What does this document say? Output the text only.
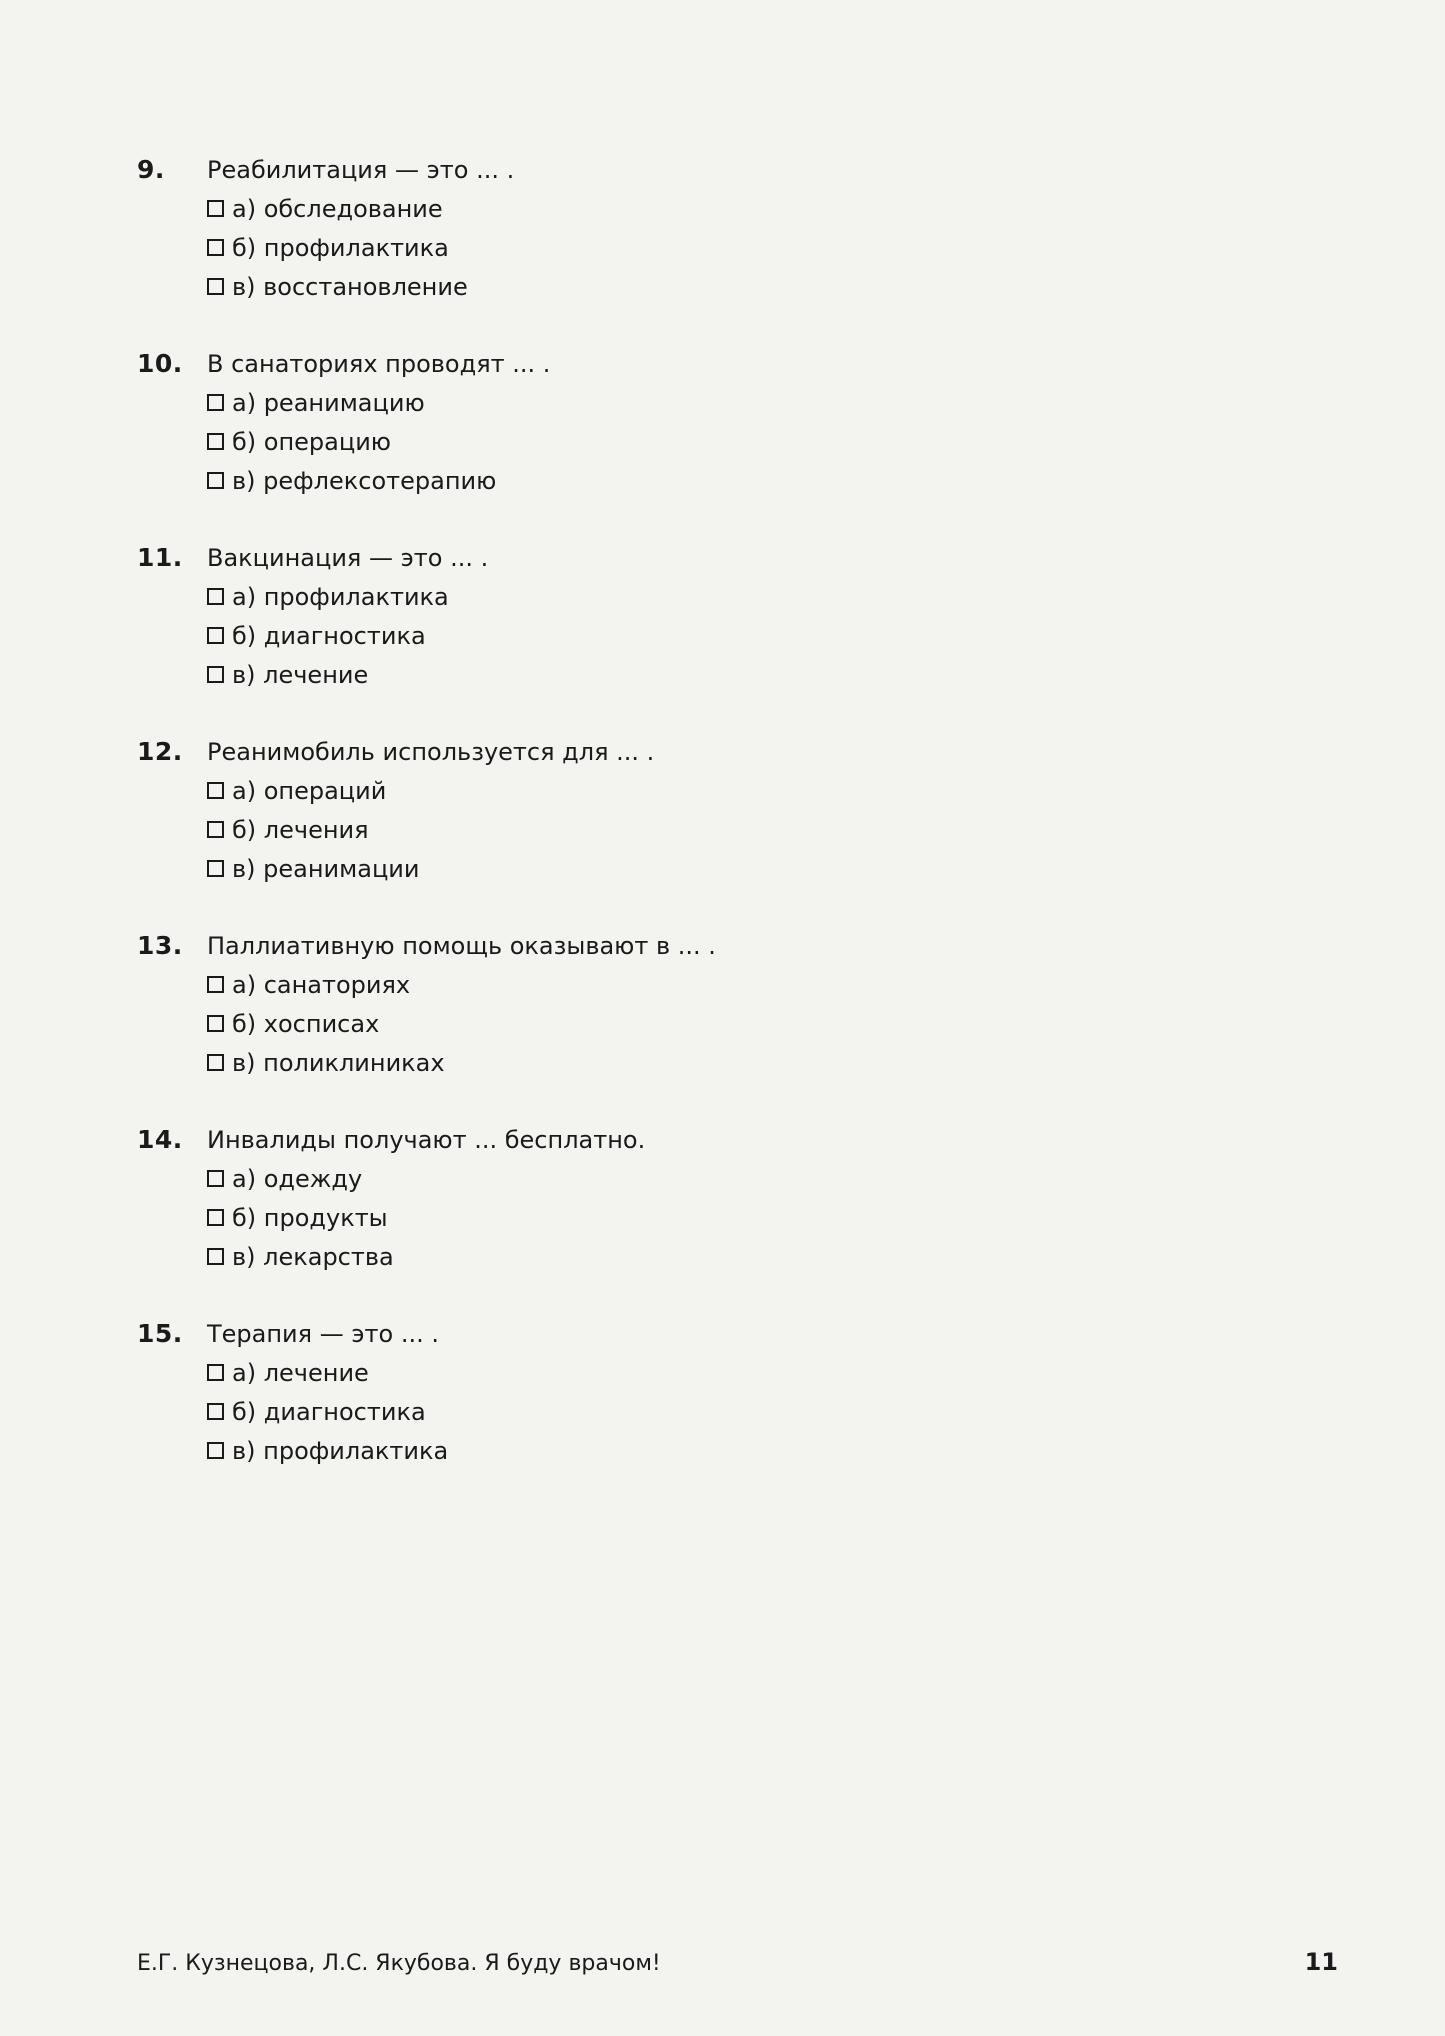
9.	Реабилитация — это ... .
а) обследование
б) профилактика
в) восстановление
10.	В санаториях проводят ... .
а) реанимацию
б) операцию
в) рефлексотерапию
11.	Вакцинация — это ... .
а) профилактика
б) диагностика
в) лечение
12.	Реанимобиль используется для ... .
а) операций
б) лечения
в) реанимации
13.	Паллиативную помощь оказывают в ... .
а) санаториях
б) хосписах
в) поликлиниках
14.	Инвалиды получают ... бесплатно.
а) одежду
б) продукты
в) лекарства
15.	Терапия — это ... .
а) лечение
б) диагностика
в) профилактика
Е.Г. Кузнецова, Л.С. Якубова. Я буду врачом!	11
